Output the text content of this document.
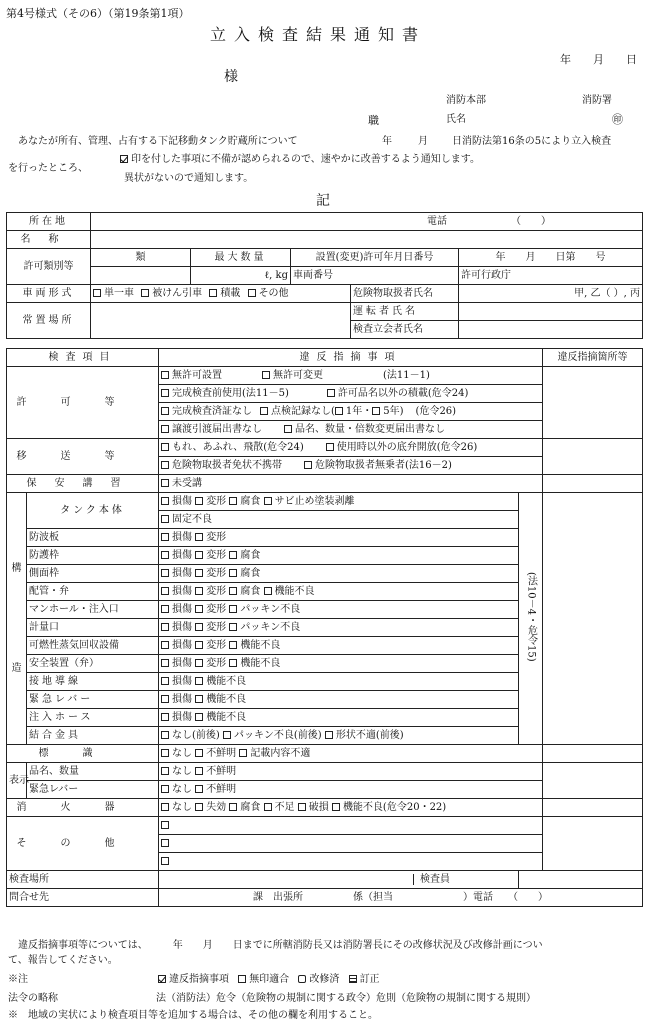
第4号様式（その6）（第19条第1項）
立入検査結果通知書
年　　月　　日
様
消防本部	消防署
職	氏名	㊞
あなたが所有、管理、占有する下記移動タンク貯蔵所について	年	月 日消防法第16条の5により立入検査
を行ったところ、
印を付した事項に不備が認められるので、速やかに改善するよう通知します。
異状がないので通知します。
記
所在地	電話 （　　）				
名称					
許可類別等	類	最大数量	設置(変更)許可年月日番号		年　　月　　日第　　号
		ℓ, kg	車両番号		許可行政庁
車両形式	単一車 被けん引車 積載 その他			危険物取扱者氏名	甲, 乙（ ）, 丙
常置場所				運転者氏名	
				検査立会者氏名	
検査項目		違反指摘事項		違反指摘箇所等
許可等		無許可設置 無許可変更 (法11－1)		
		完成検査前使用(法11－5) 許可品名以外の積載(危令24)		
		完成検査済証なし 点検記録なし( 1年・ 5年) (危令26)		
		譲渡引渡届出書なし 品名、数量・倍数変更届出書なし		
移送等		もれ、あふれ、飛散(危令24) 使用時以外の底弁開放(危令26)		
		危険物取扱者免状不携帯 危険物取扱者無乗者(法16－2)		
保安講習		未受講		

構
造	タンク本体	損傷 変形 腐食 サビ止め塗装剥離	(法10－4・危令15)	
		固定不良		
	防波板	損傷 変形		
	防護枠	損傷 変形 腐食		
	側面枠	損傷 変形 腐食		
	配管・弁	損傷 変形 腐食 機能不良		
	マンホール・注入口	損傷 変形 パッキン不良		
	計量口	損傷 変形 パッキン不良		
	可燃性蒸気回収設備	損傷 変形 機能不良		
	安全装置（弁）	損傷 変形 機能不良		
	接地導線	損傷 機能不良		
	緊急レバー	損傷 機能不良		
	注入ホース	損傷 機能不良		
	結合金具	なし(前後) パッキン不良(前後) 形状不適(前後)		
標識		なし 不鮮明 記載内容不適		
表示	品名、数量	なし 不鮮明		
	緊急レバー	なし 不鮮明		
消火器		なし 失効 腐食 不足 破損 機能不良(危令20・22)		
その他				

検査場所		検査員		
問合せ先		課　出張所　　　　　係（担当　　　　　　　）電話　　（　　）		
違反指摘事項等については、　　　年　　月　　日までに所轄消防長又は消防署長にその改修状況及び改修計画につい
て、報告してください。
※注	違反指摘事項 無印適合 改修済 訂正
法令の略称	法（消防法）危令（危険物の規制に関する政令）危則（危険物の規制に関する規則）
※　地域の実状により検査項目等を追加する場合は、その他の欄を利用すること。
